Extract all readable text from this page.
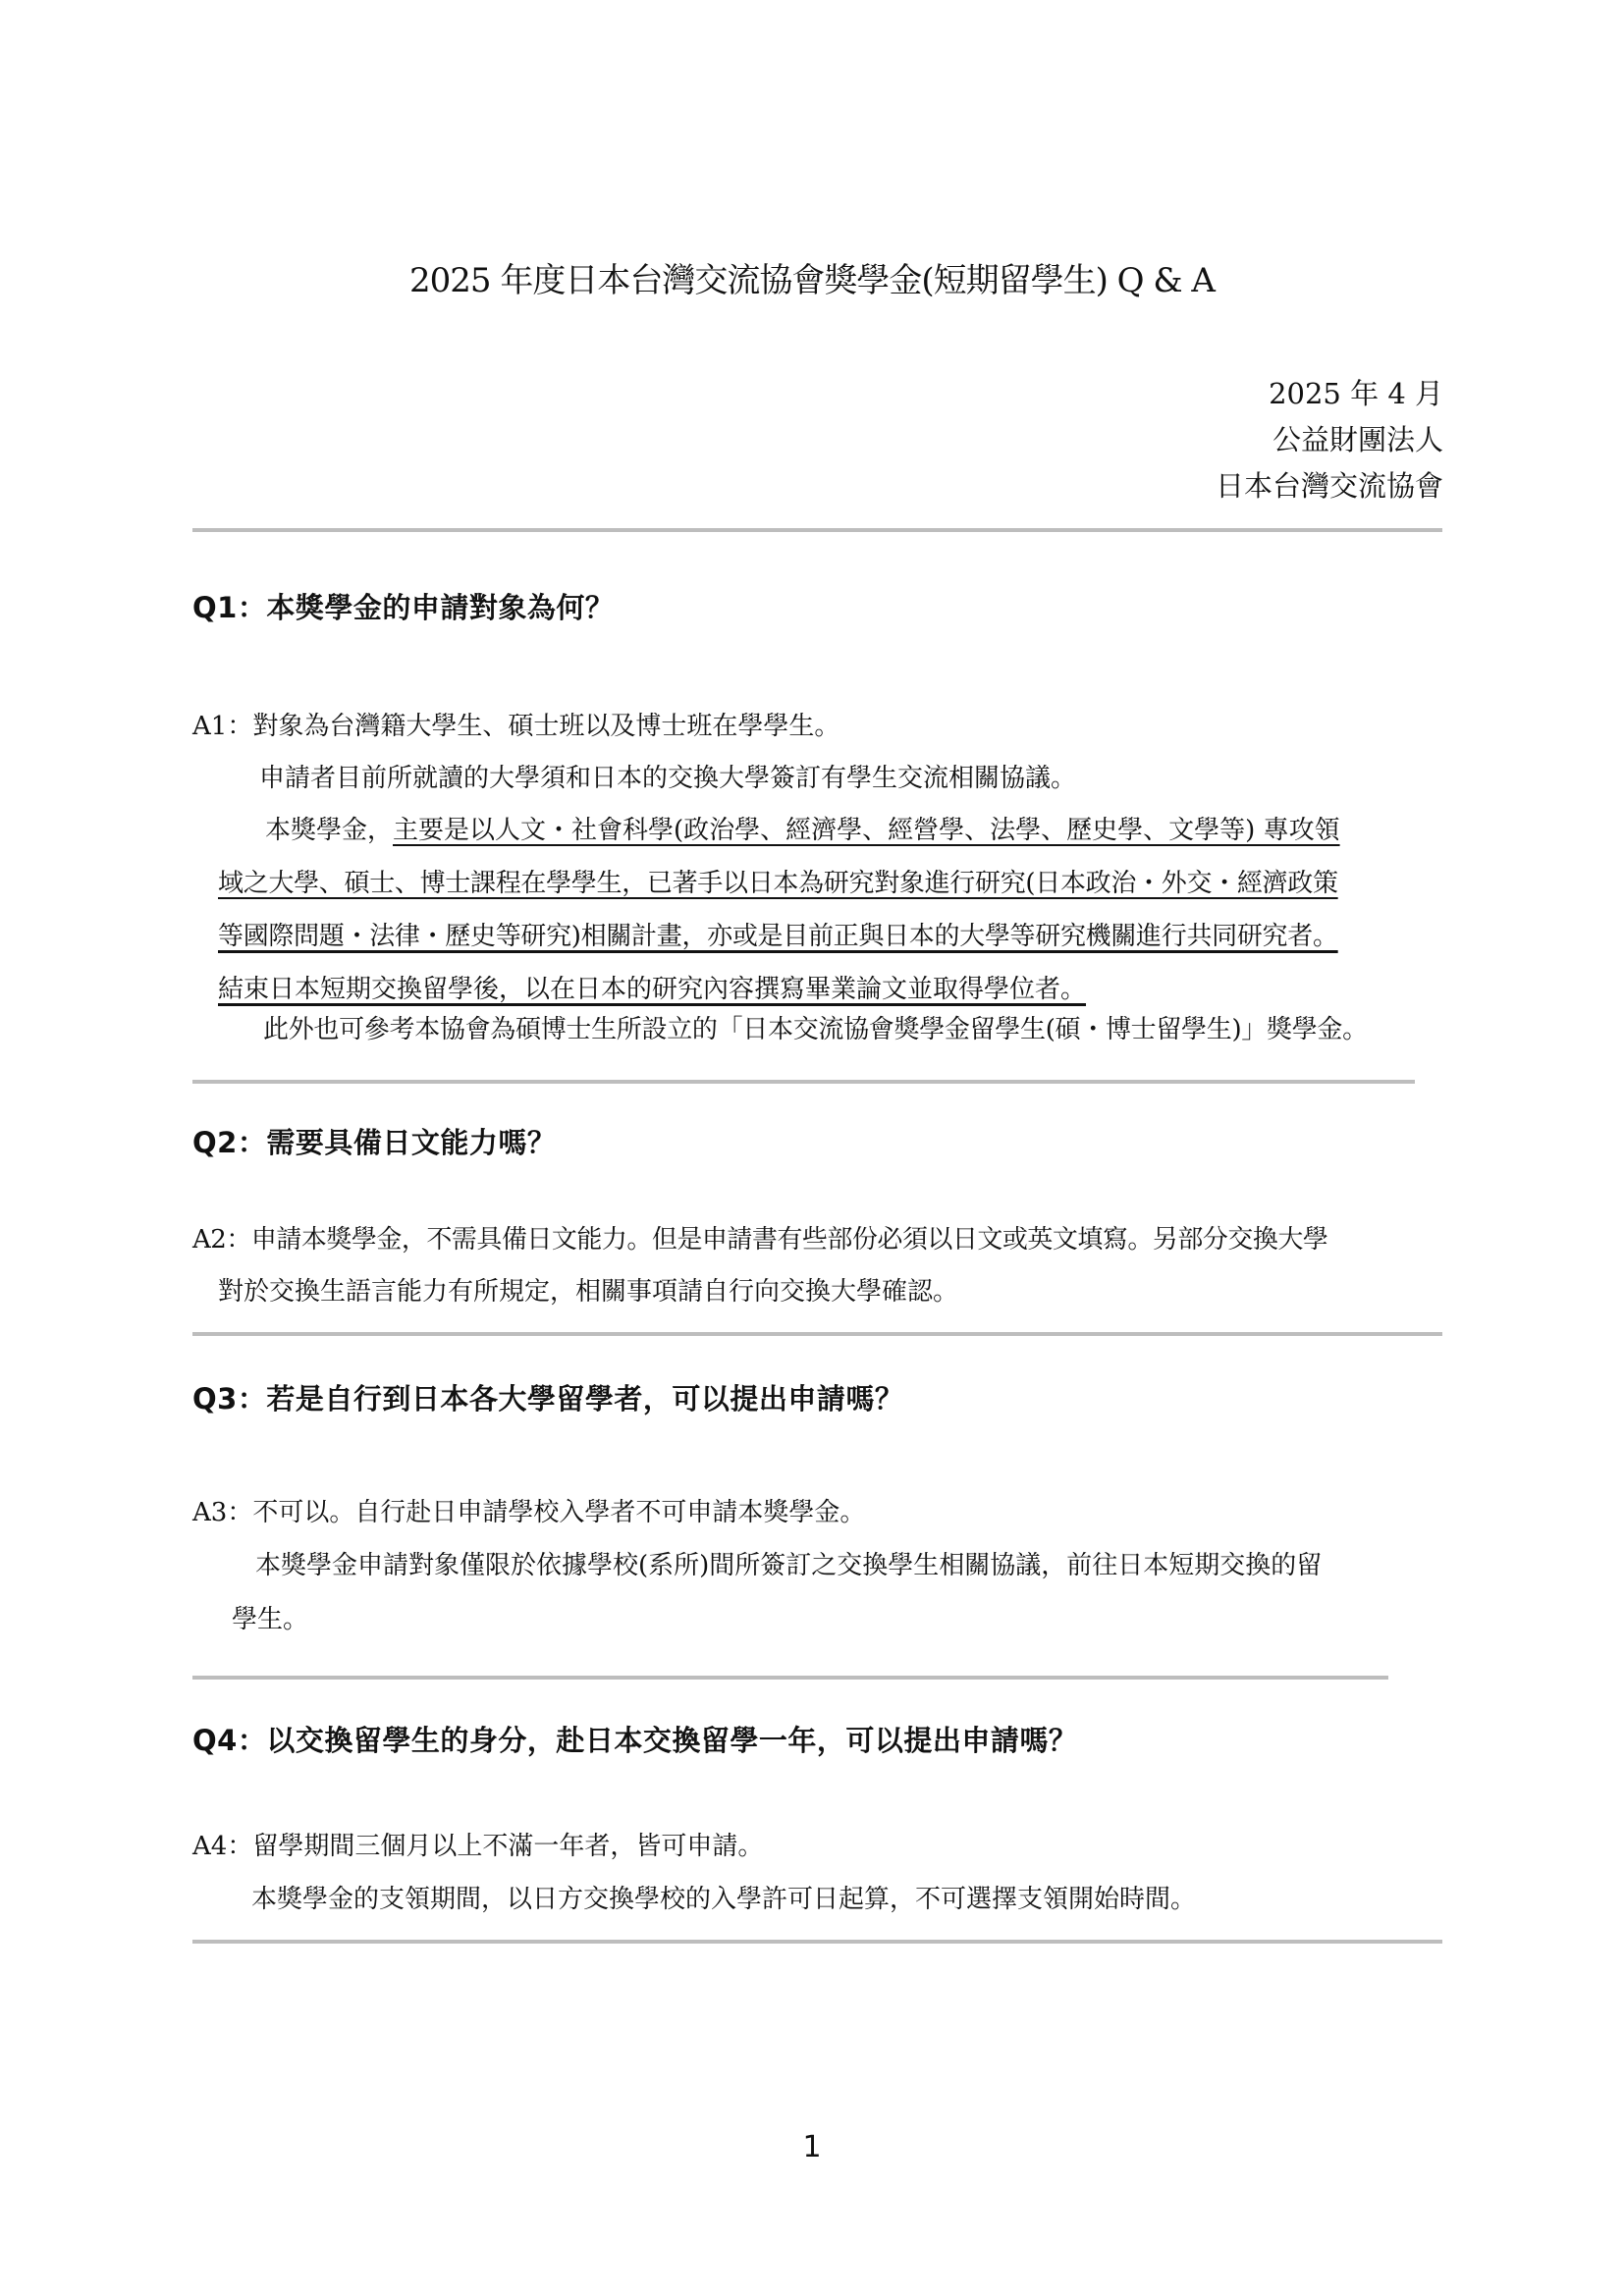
2025 年度日本台灣交流協會獎學金(短期留學生) Q & A
2025 年 4 月
公益財團法人
日本台灣交流協會
Q1：本獎學金的申請對象為何？
A1：對象為台灣籍大學生、碩士班以及博士班在學學生。
申請者目前所就讀的大學須和日本的交換大學簽訂有學生交流相關協議。
本獎學金，主要是以人文・社會科學(政治學、經濟學、經營學、法學、歷史學、文學等) 專攻領
域之大學、碩士、博士課程在學學生，已著手以日本為研究對象進行研究(日本政治・外交・經濟政策
等國際問題・法律・歷史等研究)相關計畫，亦或是目前正與日本的大學等研究機關進行共同研究者。
結束日本短期交換留學後，以在日本的研究內容撰寫畢業論文並取得學位者。
此外也可參考本協會為碩博士生所設立的「日本交流協會獎學金留學生(碩・博士留學生)」獎學金。
Q2：需要具備日文能力嗎？
A2：申請本獎學金，不需具備日文能力。但是申請書有些部份必須以日文或英文填寫。另部分交換大學
對於交換生語言能力有所規定，相關事項請自行向交換大學確認。
Q3：若是自行到日本各大學留學者，可以提出申請嗎？
A3：不可以。自行赴日申請學校入學者不可申請本獎學金。
本獎學金申請對象僅限於依據學校(系所)間所簽訂之交換學生相關協議，前往日本短期交換的留
學生。
Q4：以交換留學生的身分，赴日本交換留學一年，可以提出申請嗎？
A4：留學期間三個月以上不滿一年者，皆可申請。
本獎學金的支領期間，以日方交換學校的入學許可日起算，不可選擇支領開始時間。
1
